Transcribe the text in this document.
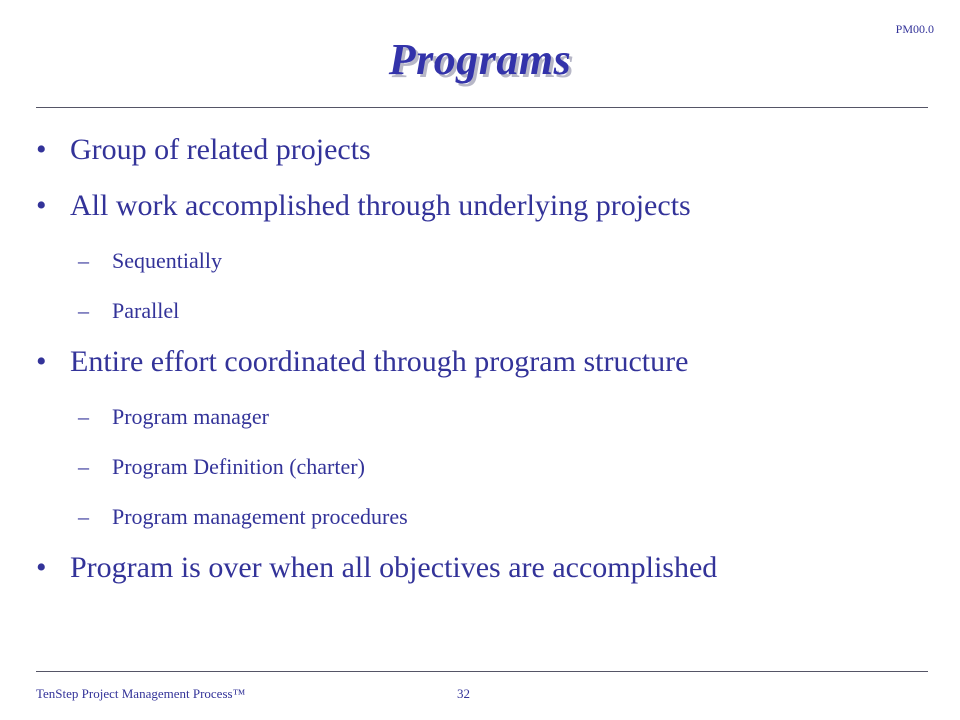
PM00.0
Programs
• Group of related projects
• All work accomplished through underlying projects
–	Sequentially
–	Parallel
• Entire effort coordinated through program structure
–	Program manager
–	Program Definition (charter)
–	Program management procedures
• Program is over when all objectives are accomplished
TenStep Project Management Process™	32
